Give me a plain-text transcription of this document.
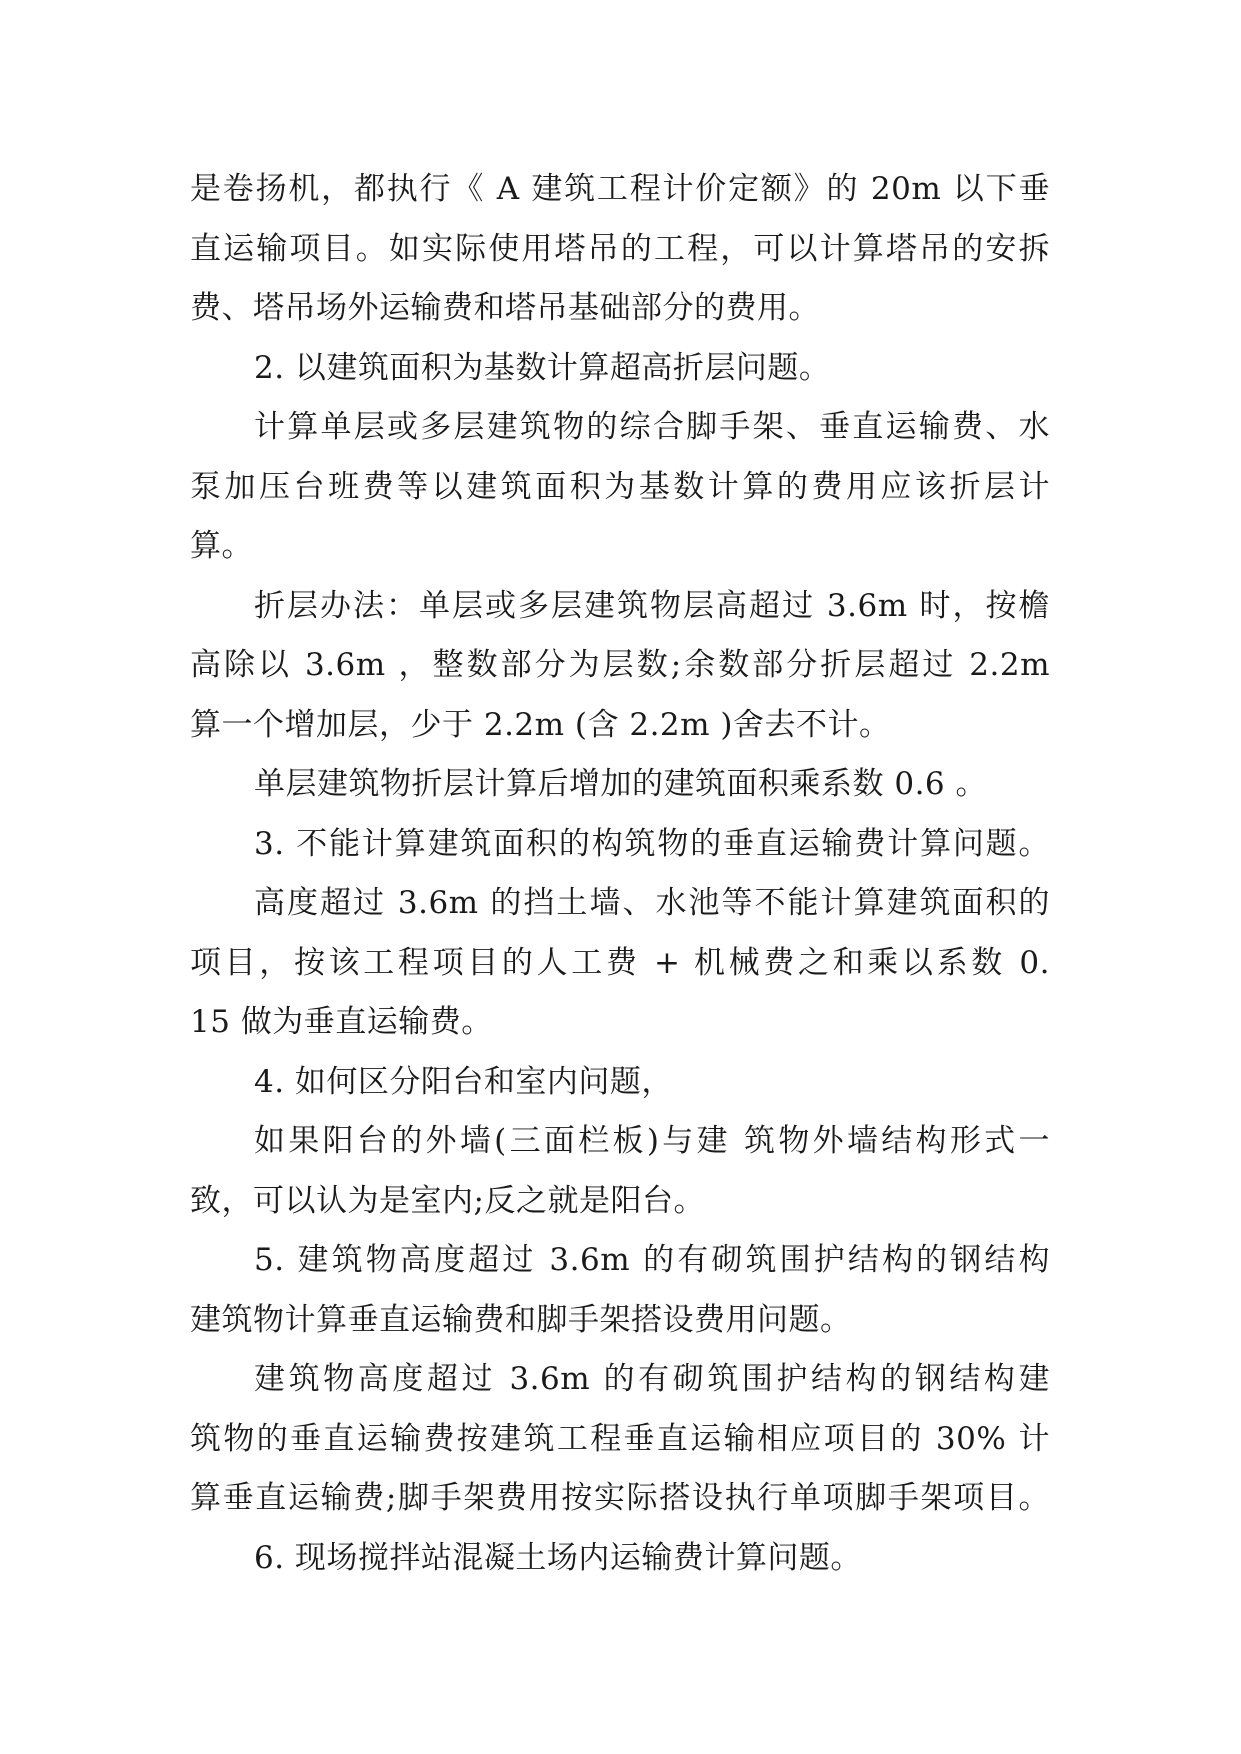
是卷扬机，都执行《 A 建筑工程计价定额》的 20m 以下垂
直运输项目。如实际使用塔吊的工程，可以计算塔吊的安拆
费、塔吊场外运输费和塔吊基础部分的费用。
2. 以建筑面积为基数计算超高折层问题。
计算单层或多层建筑物的综合脚手架、垂直运输费、水
泵加压台班费等以建筑面积为基数计算的费用应该折层计
算。
折层办法：单层或多层建筑物层高超过 3.6m 时，按檐
高除以 3.6m ，整数部分为层数;余数部分折层超过 2.2m
算一个增加层，少于 2.2m (含 2.2m )舍去不计。
单层建筑物折层计算后增加的建筑面积乘系数 0.6 。
3. 不能计算建筑面积的构筑物的垂直运输费计算问题。
高度超过 3.6m 的挡土墙、水池等不能计算建筑面积的
项目，按该工程项目的人工费 + 机械费之和乘以系数 0.
15 做为垂直运输费。
4. 如何区分阳台和室内问题，
如果阳台的外墙(三面栏板)与建 筑物外墙结构形式一
致，可以认为是室内;反之就是阳台。
5. 建筑物高度超过 3.6m 的有砌筑围护结构的钢结构
建筑物计算垂直运输费和脚手架搭设费用问题。
建筑物高度超过 3.6m 的有砌筑围护结构的钢结构建
筑物的垂直运输费按建筑工程垂直运输相应项目的 30% 计
算垂直运输费;脚手架费用按实际搭设执行单项脚手架项目。
6. 现场搅拌站混凝土场内运输费计算问题。
